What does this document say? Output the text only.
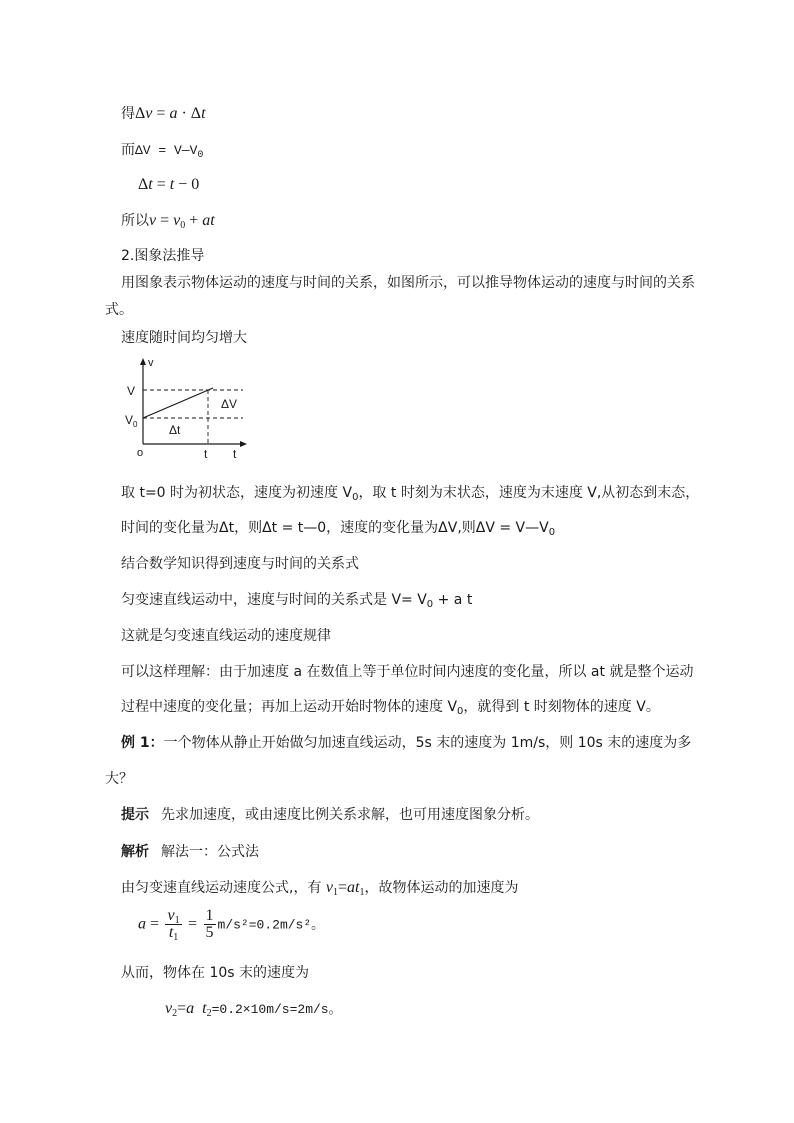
得Δv = a · Δt
而$\Delta V = V—V_0$
Δt = t − 0
所以$v = v_0$ + at
2.图象法推导
用图象表示物体运动的速度与时间的关系，如图所示，可以推导物体运动的速度与时间的关系
式。
速度随时间均匀增大
v
V
$V_0$
ΔV
Δt
o	t t
取 t=0 时为初状态，速度为初速度 $V_0$，取 t 时刻为末状态，速度为末速度 V,从初态到末态，
时间的变化量为Δt，则Δt = t—0，速度的变化量为ΔV,则$\Delta V = V—V_0$
结合数学知识得到速度与时间的关系式
匀变速直线运动中，速度与时间的关系式是 $V= V_0 + a$ t
这就是匀变速直线运动的速度规律
可以这样理解：由于加速度 a 在数值上等于单位时间内速度的变化量，所以 at 就是整个运动
过程中速度的变化量；再加上运动开始时物体的速度 $V_0$，就得到 t 时刻物体的速度 V。
例 1：一个物体从静止开始做匀加速直线运动，5s 末的速度为 1m/s，则 10s 末的速度为多
大？
提示 先求加速度，或由速度比例关系求解，也可用速度图象分析。
解析 解法一：公式法
由匀变速直线运动速度公式,，有 $v_1=at_1$，故物体运动的加速度为
$a = \frac{v_1}{t_1} = \frac{1}{5} m/s^2=0.2m/s^2$。
从而，物体在 10s 末的速度为
$v_2=a$ $t_2=0.2\times 10m/s=2m/s$。
